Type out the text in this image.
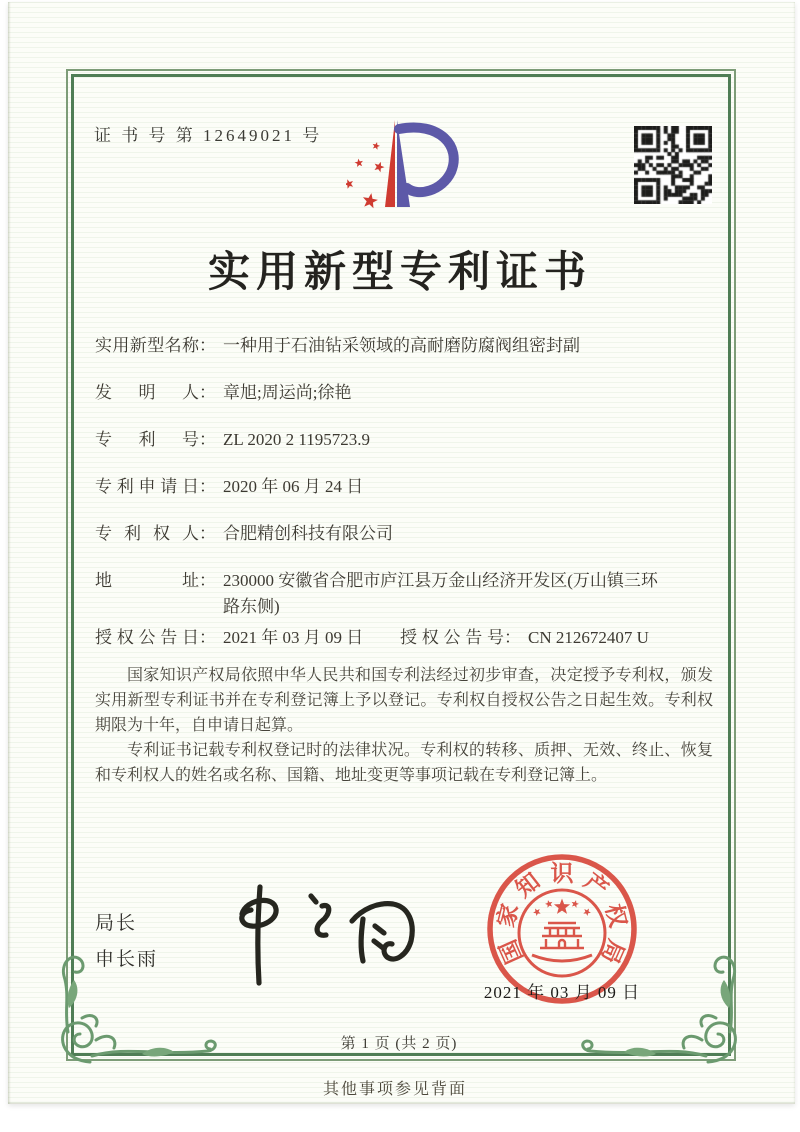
证 书 号 第 12649021 号
实用新型专利证书
实用新型名称 ： 一种用于石油钻采领域的高耐磨防腐阀组密封副
发明人 ： 章旭;周运尚;徐艳
专利号 ： ZL 2020 2 1195723.9
专利申请日 ： 2020 年 06 月 24 日
专利权人 ： 合肥精创科技有限公司
地址 ： 230000 安徽省合肥市庐江县万金山经济开发区(万山镇三环路东侧)
授权公告日 ： 2021 年 03 月 09 日 授权公告号 ： CN 212672407 U

国家知识产权局依照中华人民共和国专利法经过初步审查，决定授予专利权，颁发实用新型专利证书并在专利登记簿上予以登记。专利权自授权公告之日起生效。专利权期限为十年，自申请日起算。

专利证书记载专利权登记时的法律状况。专利权的转移、质押、无效、终止、恢复和专利权人的姓名或名称、国籍、地址变更等事项记载在专利登记簿上。

局长
申长雨	国
家
知 识 产
权
局
2021 年 03 月 09 日
第 1 页 (共 2 页)
其他事项参见背面
